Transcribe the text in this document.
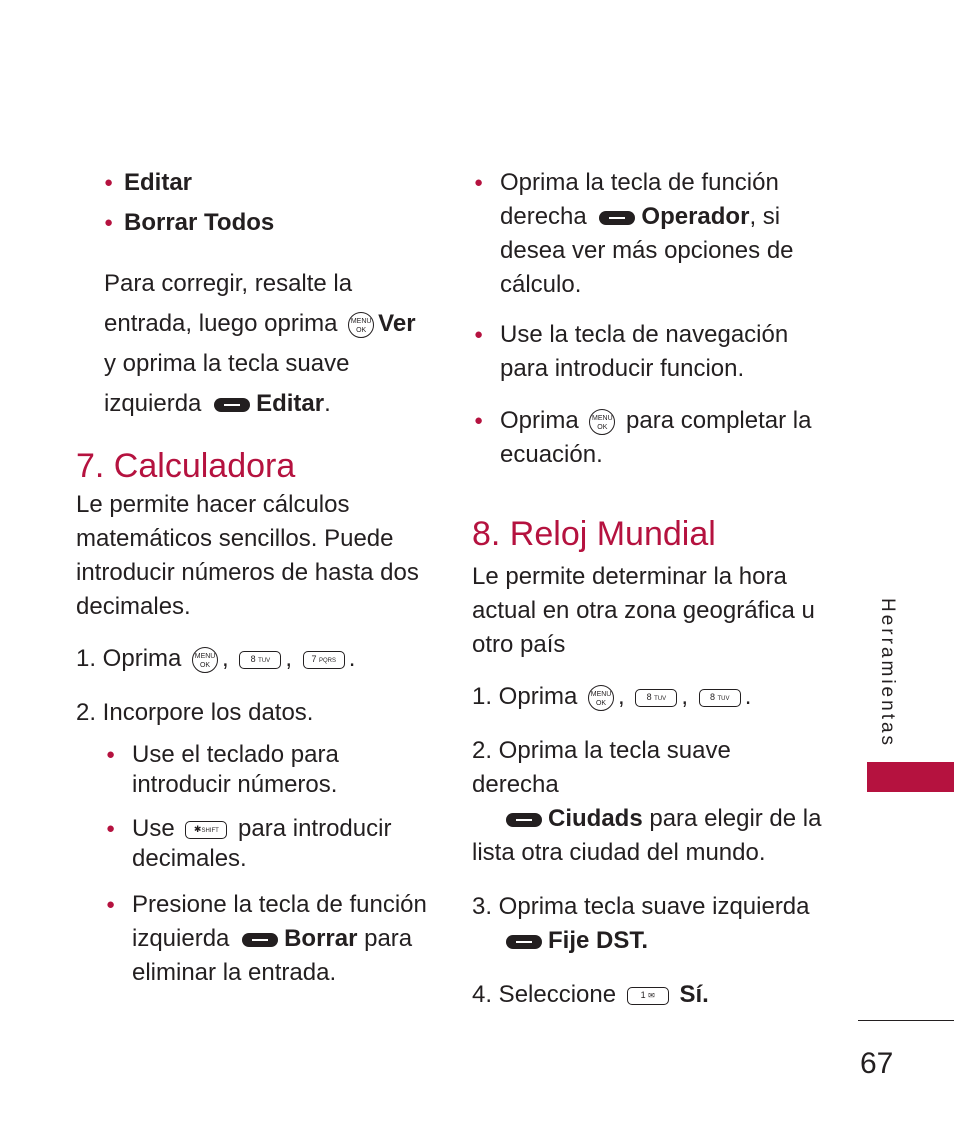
● Editar

● Borrar Todos

Para corregir, resalte la
entrada, luego oprima MENU
OK Ver
y oprima la tecla suave
izquierda Editar.

7. Calculadora

Le permite hacer cálculos matemáticos sencillos. Puede introducir números de hasta dos decimales.

1. Oprima MENU
OK , 8 TUV , 7 PQRS .

2. Incorpore los datos.

● Use el teclado para introducir números.

● Use ✱SHIFT para introducir decimales.

● Presione la tecla de función izquierda Borrar para eliminar la entrada.

● Oprima la tecla de función derecha Operador, si desea ver más opciones de cálculo.

● Use la tecla de navegación para introducir funcion.

● Oprima MENU
OK para completar la ecuación.

8. Reloj Mundial

Le permite determinar la hora actual en otra zona geográfica u otro país

1. Oprima MENU
OK , 8 TUV , 8 TUV .

2. Oprima la tecla suave derecha
Ciudads para elegir de la lista otra ciudad del mundo.

3. Oprima tecla suave izquierda
Fije DST.

4. Seleccione	1 ✉ Sí.

Herramientas
67
